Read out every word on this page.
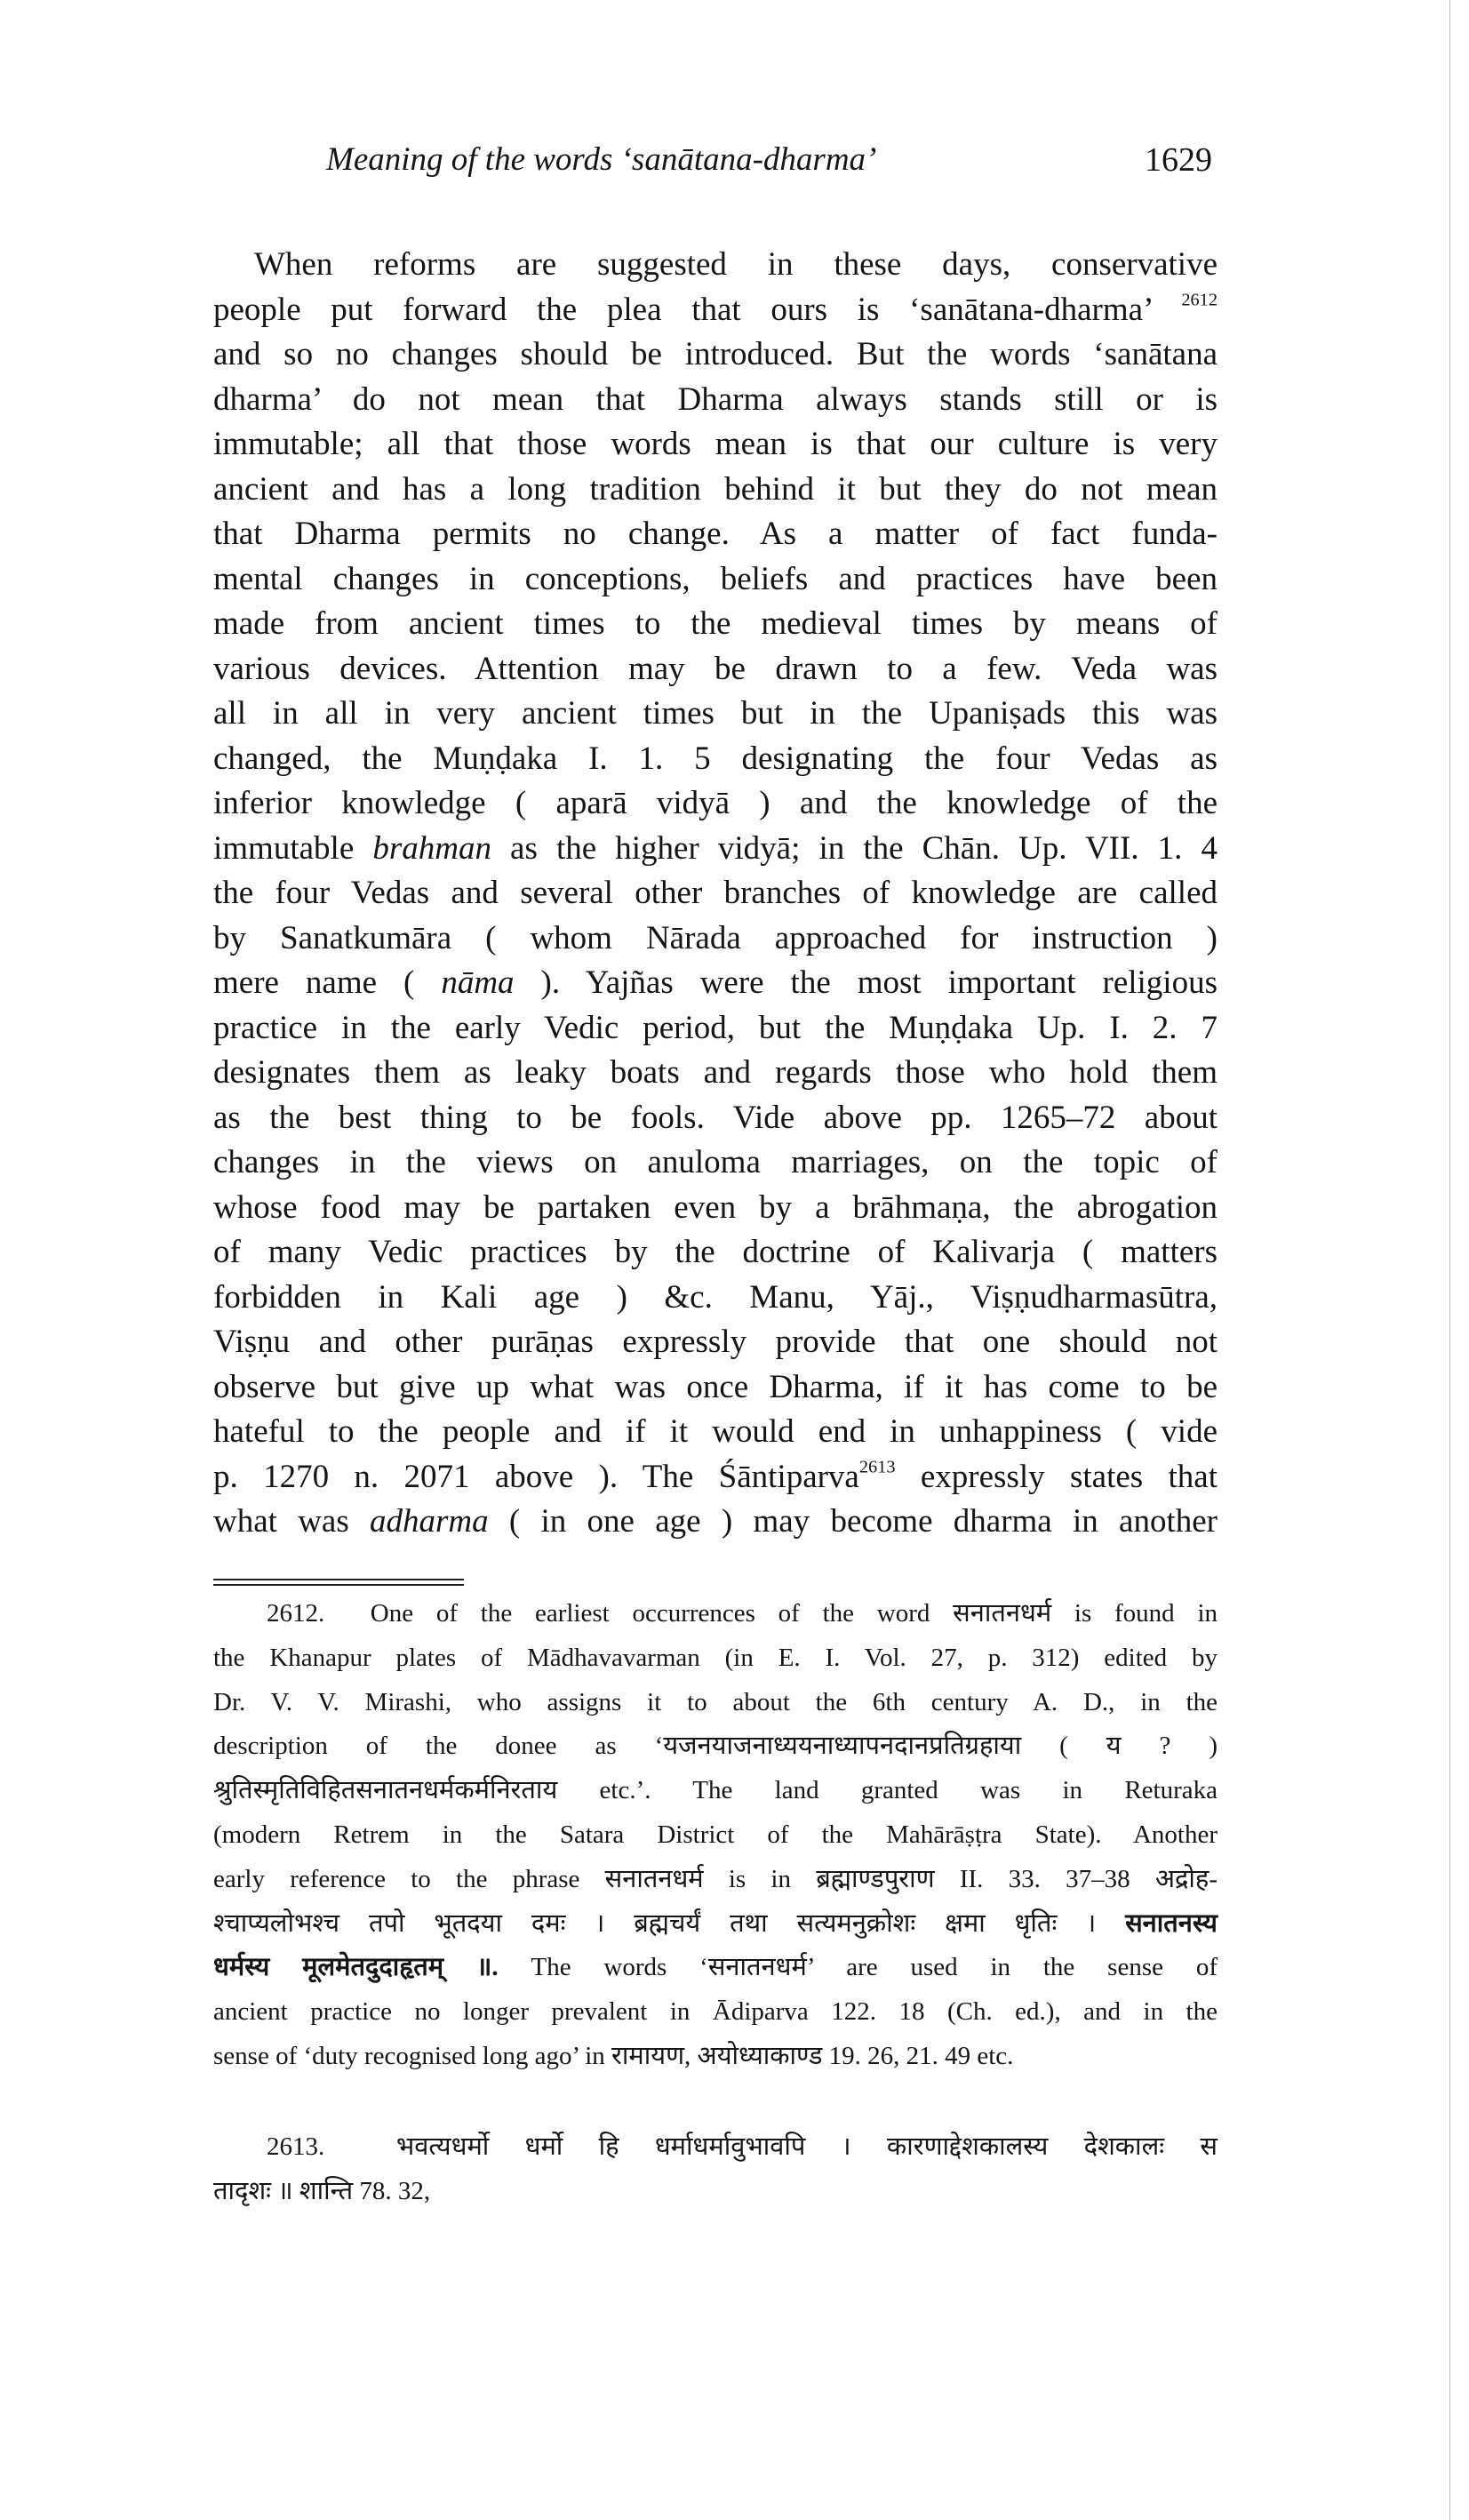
Meaning of the words ‘sanātana-dharma’	1629
When reforms are suggested in these days, conservative
people put forward the plea that ours is ‘sanātana-dharma’ $^{2612}$
and so no changes should be introduced. But the words ‘sanātana
dharma’ do not mean that Dharma always stands still or is
immutable; all that those words mean is that our culture is very
ancient and has a long tradition behind it but they do not mean
that Dharma permits no change. As a matter of fact funda-
mental changes in conceptions, beliefs and practices have been
made from ancient times to the medieval times by means of
various devices. Attention may be drawn to a few. Veda was
all in all in very ancient times but in the Upaniṣads this was
changed, the Muṇḍaka I. 1. 5 designating the four Vedas as
inferior knowledge ( aparā vidyā ) and the knowledge of the
immutable brahman as the higher vidyā; in the Chān. Up. VII. 1. 4
the four Vedas and several other branches of knowledge are called
by Sanatkumāra ( whom Nārada approached for instruction )
mere name ( nāma ). Yajñas were the most important religious
practice in the early Vedic period, but the Muṇḍaka Up. I. 2. 7
designates them as leaky boats and regards those who hold them
as the best thing to be fools. Vide above pp. 1265–72 about
changes in the views on anuloma marriages, on the topic of
whose food may be partaken even by a brāhmaṇa, the abrogation
of many Vedic practices by the doctrine of Kalivarja ( matters
forbidden in Kali age ) &c. Manu, Yāj., Viṣṇudharmasūtra,
Viṣṇu and other purāṇas expressly provide that one should not
observe but give up what was once Dharma, if it has come to be
hateful to the people and if it would end in unhappiness ( vide
p. 1270 n. 2071 above ). The Śāntiparva$^{2613}$ expressly states that
what was adharma ( in one age ) may become dharma in another
2612.  One of the earliest occurrences of the word सनातनधर्म is found in
the Khanapur plates of Mādhavavarman (in E. I. Vol. 27, p. 312) edited by
Dr. V. V. Mirashi, who assigns it to about the 6th century A. D., in the
description of the donee as ‘यजनयाजनाध्ययनाध्यापनदानप्रतिग्रहाया ( य ? )
श्रुतिस्मृतिविहितसनातनधर्मकर्मनिरताय etc.’. The land granted was in Returaka
(modern Retrem in the Satara District of the Mahārāṣṭra State). Another
early reference to the phrase सनातनधर्म is in ब्रह्माण्डपुराण II. 33. 37–38 अद्रोह-
श्चाप्यलोभश्च तपो भूतदया दमः । ब्रह्मचर्यं तथा सत्यमनुक्रोशः क्षमा धृतिः । सनातनस्य
धर्मस्य मूलमेतदुदाहृतम् ॥. The words ‘सनातनधर्म’ are used in the sense of
ancient practice no longer prevalent in Ādiparva 122. 18 (Ch. ed.), and in the
sense of ‘duty recognised long ago’ in रामायण, अयोध्याकाण्ड 19. 26, 21. 49 etc.
2613.  भवत्यधर्मो धर्मो हि धर्माधर्मावुभावपि । कारणाद्देशकालस्य देशकालः स
तादृशः ॥ शान्ति 78. 32,
